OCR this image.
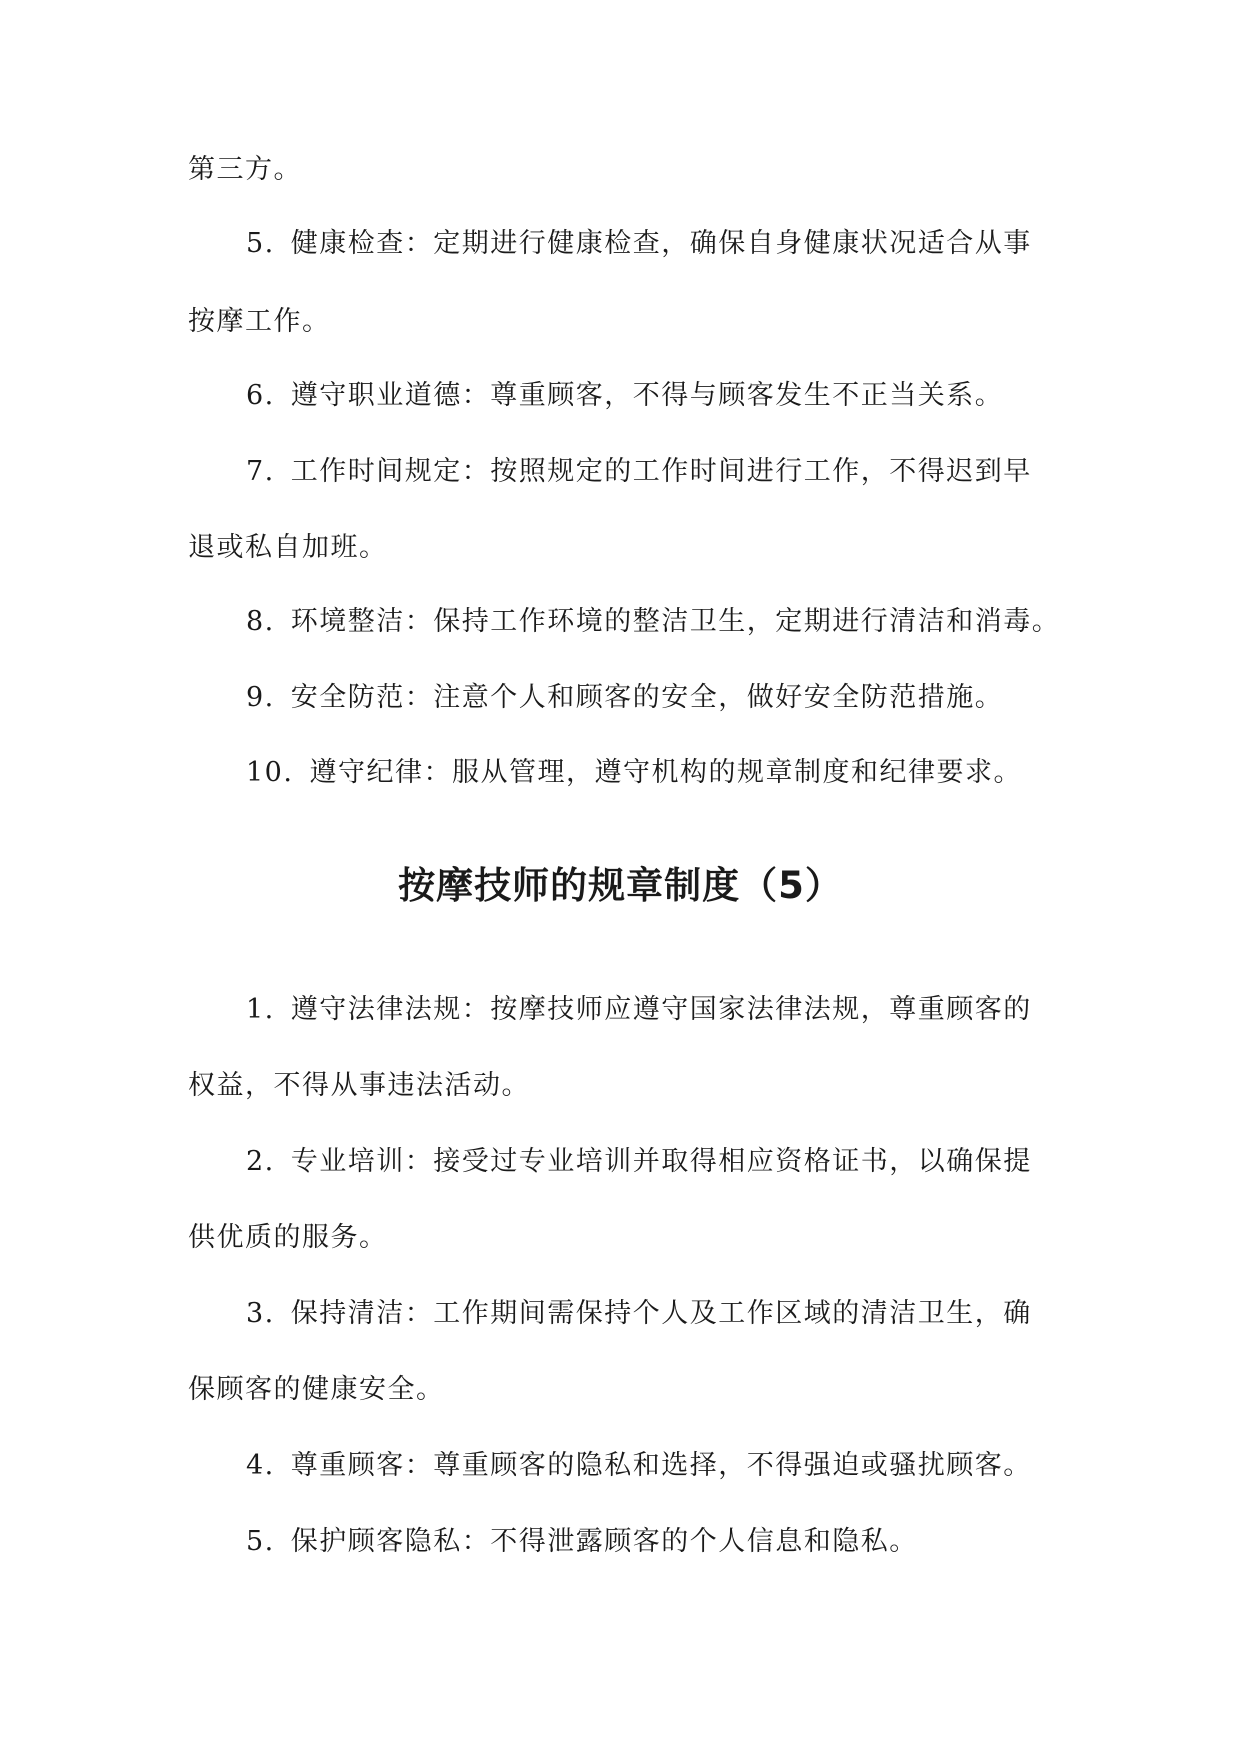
第三方。
5. 健康检查：定期进行健康检查，确保自身健康状况适合从事
按摩工作。
6. 遵守职业道德：尊重顾客，不得与顾客发生不正当关系。
7. 工作时间规定：按照规定的工作时间进行工作，不得迟到早
退或私自加班。
8. 环境整洁：保持工作环境的整洁卫生，定期进行清洁和消毒。
9. 安全防范：注意个人和顾客的安全，做好安全防范措施。
10. 遵守纪律：服从管理，遵守机构的规章制度和纪律要求。
按摩技师的规章制度（5）
1. 遵守法律法规：按摩技师应遵守国家法律法规，尊重顾客的
权益，不得从事违法活动。
2. 专业培训：接受过专业培训并取得相应资格证书，以确保提
供优质的服务。
3. 保持清洁：工作期间需保持个人及工作区域的清洁卫生，确
保顾客的健康安全。
4. 尊重顾客：尊重顾客的隐私和选择，不得强迫或骚扰顾客。
5. 保护顾客隐私：不得泄露顾客的个人信息和隐私。
